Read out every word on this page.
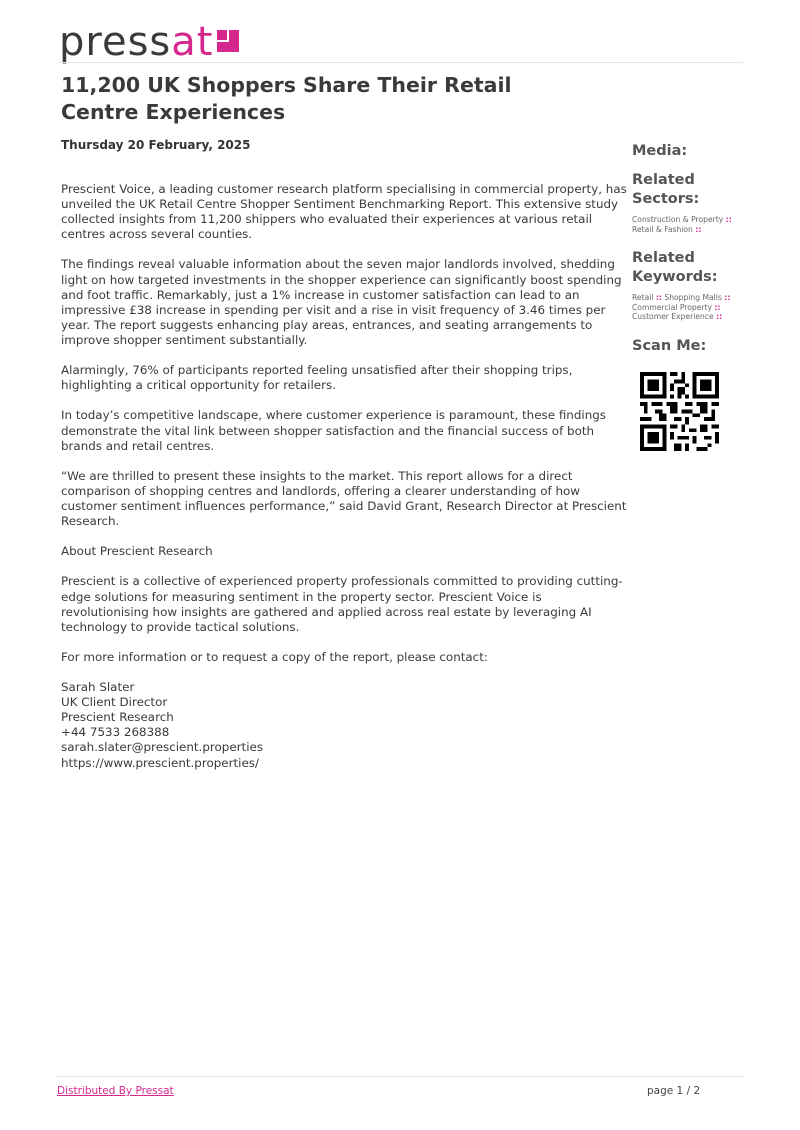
pressat
11,200 UK Shoppers Share Their Retail Centre Experiences
Thursday 20 February, 2025

Prescient Voice, a leading customer research platform specialising in commercial property, has unveiled the UK Retail Centre Shopper Sentiment Benchmarking Report. This extensive study collected insights from 11,200 shippers who evaluated their experiences at various retail centres across several counties.

The findings reveal valuable information about the seven major landlords involved, shedding light on how targeted investments in the shopper experience can significantly boost spending and foot traffic. Remarkably, just a 1% increase in customer satisfaction can lead to an impressive £38 increase in spending per visit and a rise in visit frequency of 3.46 times per year. The report suggests enhancing play areas, entrances, and seating arrangements to improve shopper sentiment substantially.

Alarmingly, 76% of participants reported feeling unsatisfied after their shopping trips, highlighting a critical opportunity for retailers.

In today’s competitive landscape, where customer experience is paramount, these findings demonstrate the vital link between shopper satisfaction and the financial success of both brands and retail centres.

“We are thrilled to present these insights to the market. This report allows for a direct comparison of shopping centres and landlords, offering a clearer understanding of how customer sentiment influences performance,” said David Grant, Research Director at Prescient Research.

About Prescient Research

Prescient is a collective of experienced property professionals committed to providing cutting-edge solutions for measuring sentiment in the property sector. Prescient Voice is revolutionising how insights are gathered and applied across real estate by leveraging AI technology to provide tactical solutions.

For more information or to request a copy of the report, please contact:

Sarah Slater
UK Client Director
Prescient Research
+44 7533 268388
sarah.slater@prescient.properties
https://www.prescient.properties/
Media:
Related Sectors:
Construction & Property :: Retail & Fashion ::
Related Keywords:
Retail :: Shopping Malls :: Commercial Property :: Customer Experience ::
Scan Me:
Distributed By Pressat	page 1 / 2
